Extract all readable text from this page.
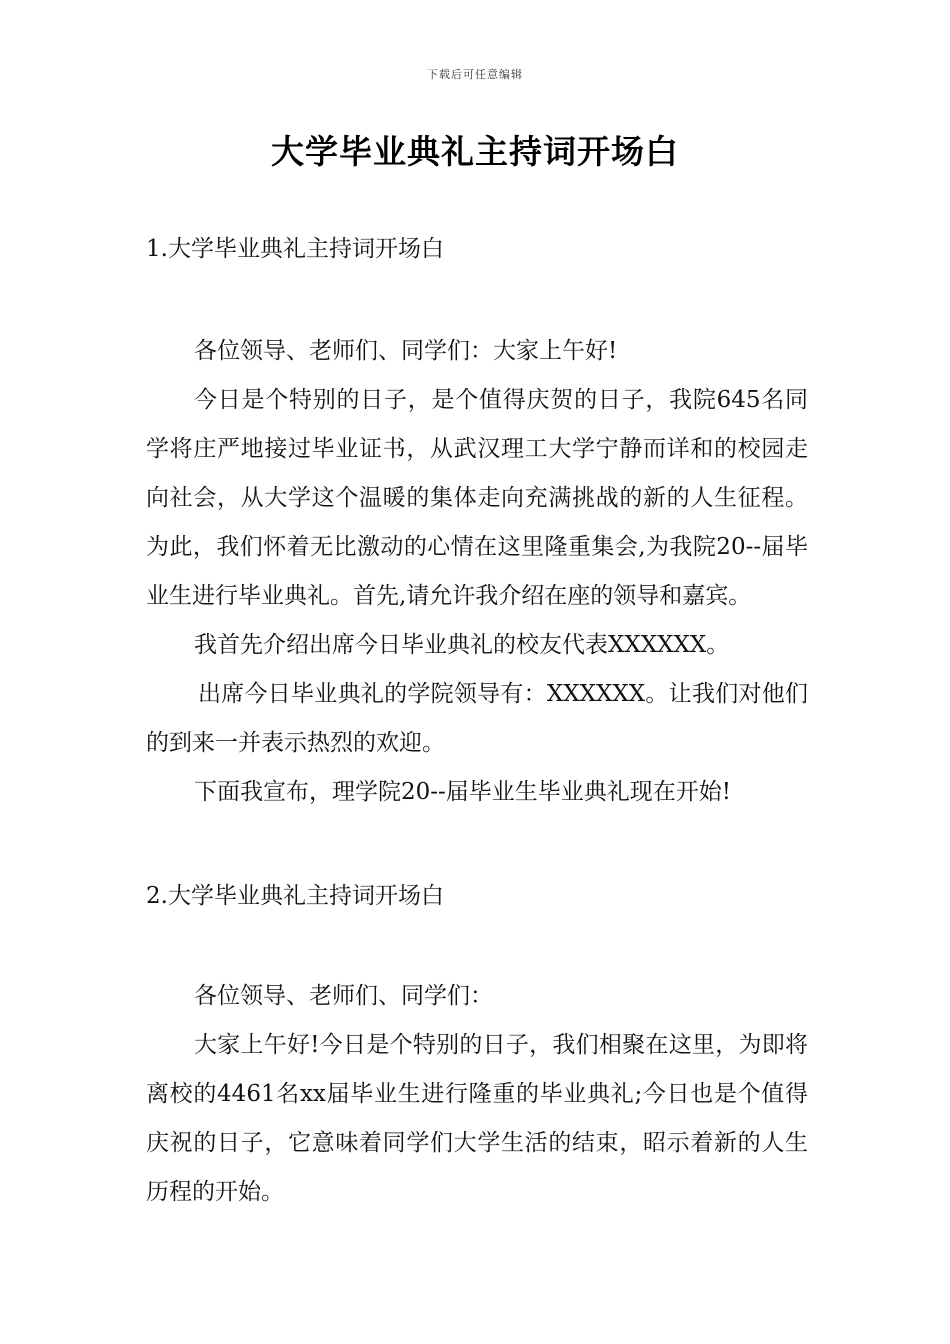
下载后可任意编辑
大学毕业典礼主持词开场白
1.大学毕业典礼主持词开场白

各位领导、老师们、同学们：大家上午好!

今日是个特别的日子，是个值得庆贺的日子，我院645名同学将庄严地接过毕业证书，从武汉理工大学宁静而详和的校园走向社会，从大学这个温暖的集体走向充满挑战的新的人生征程。为此，我们怀着无比激动的心情在这里隆重集会,为我院20--届毕业生进行毕业典礼。首先,请允许我介绍在座的领导和嘉宾。

我首先介绍出席今日毕业典礼的校友代表XXXXXX。

出席今日毕业典礼的学院领导有：XXXXXX。让我们对他们的到来一并表示热烈的欢迎。

下面我宣布，理学院20--届毕业生毕业典礼现在开始!

2.大学毕业典礼主持词开场白

各位领导、老师们、同学们：

大家上午好!今日是个特别的日子，我们相聚在这里，为即将离校的4461名xx届毕业生进行隆重的毕业典礼;今日也是个值得庆祝的日子，它意味着同学们大学生活的结束，昭示着新的人生历程的开始。
